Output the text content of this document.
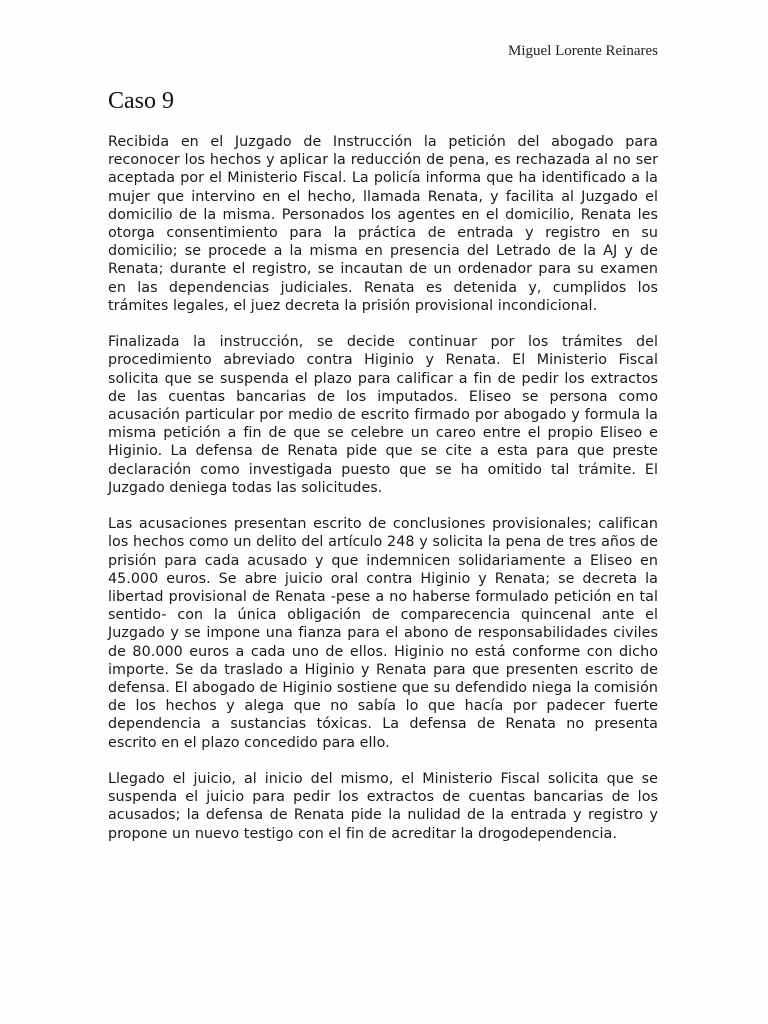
Miguel Lorente Reinares
Caso 9

Recibida en el Juzgado de Instrucción la petición del abogado para reconocer los hechos y aplicar la reducción de pena, es rechazada al no ser aceptada por el Ministerio Fiscal. La policía informa que ha identificado a la mujer que intervino en el hecho, llamada Renata, y facilita al Juzgado el domicilio de la misma. Personados los agentes en el domicilio, Renata les otorga consentimiento para la práctica de entrada y registro en su domicilio; se procede a la misma en presencia del Letrado de la AJ y de Renata; durante el registro, se incautan de un ordenador para su examen en las dependencias judiciales. Renata es detenida y, cumplidos los trámites legales, el juez decreta la prisión provisional incondicional.

Finalizada la instrucción, se decide continuar por los trámites del procedimiento abreviado contra Higinio y Renata. El Ministerio Fiscal solicita que se suspenda el plazo para calificar a fin de pedir los extractos de las cuentas bancarias de los imputados. Eliseo se persona como acusación particular por medio de escrito firmado por abogado y formula la misma petición a fin de que se celebre un careo entre el propio Eliseo e Higinio. La defensa de Renata pide que se cite a esta para que preste declaración como investigada puesto que se ha omitido tal trámite. El Juzgado deniega todas las solicitudes.

Las acusaciones presentan escrito de conclusiones provisionales; califican los hechos como un delito del artículo 248 y solicita la pena de tres años de prisión para cada acusado y que indemnicen solidariamente a Eliseo en 45.000 euros. Se abre juicio oral contra Higinio y Renata; se decreta la libertad provisional de Renata -pese a no haberse formulado petición en tal sentido- con la única obligación de comparecencia quincenal ante el Juzgado y se impone una fianza para el abono de responsabilidades civiles de 80.000 euros a cada uno de ellos. Higinio no está conforme con dicho importe. Se da traslado a Higinio y Renata para que presenten escrito de defensa. El abogado de Higinio sostiene que su defendido niega la comisión de los hechos y alega que no sabía lo que hacía por padecer fuerte dependencia a sustancias tóxicas. La defensa de Renata no presenta escrito en el plazo concedido para ello.

Llegado el juicio, al inicio del mismo, el Ministerio Fiscal solicita que se suspenda el juicio para pedir los extractos de cuentas bancarias de los acusados; la defensa de Renata pide la nulidad de la entrada y registro y propone un nuevo testigo con el fin de acreditar la drogodependencia.
